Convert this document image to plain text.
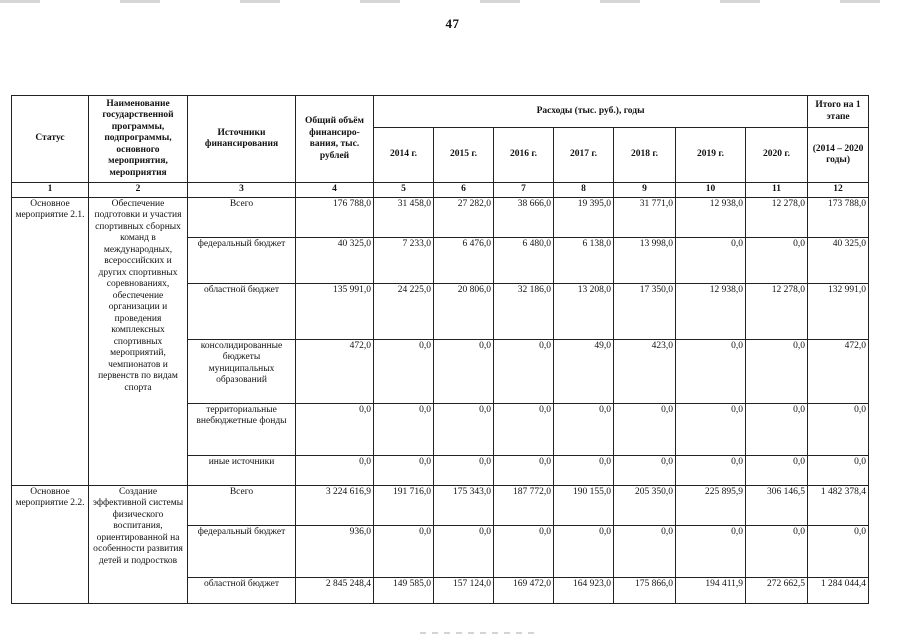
47
Статус	Наименование государственной программы, подпрограммы, основного мероприятия, мероприятия	Источники финансирования	Общий объём финансиро-вания, тыс. рублей	Расходы (тыс. руб.), годы							Итого на 1 этапе
				2014 г.	2015 г.	2016 г.	2017 г.	2018 г.	2019 г.	2020 г.	(2014 – 2020 годы)
1	2	3	4	5	6	7	8	9	10	11	12
Основное мероприятие 2.1.	Обеспечение подготовки и участия спортивных сборных команд в международных, всероссийских и других спортивных соревнованиях, обеспечение организации и проведения комплексных спортивных мероприятий, чемпионатов и первенств по видам спорта	Всего	176 788,0	31 458,0	27 282,0	38 666,0	19 395,0	31 771,0	12 938,0	12 278,0	173 788,0
		федеральный бюджет	40 325,0	7 233,0	6 476,0	6 480,0	6 138,0	13 998,0	0,0	0,0	40 325,0
		областной бюджет	135 991,0	24 225,0	20 806,0	32 186,0	13 208,0	17 350,0	12 938,0	12 278,0	132 991,0
		консолидированные бюджеты муниципальных образований	472,0	0,0	0,0	0,0	49,0	423,0	0,0	0,0	472,0
		территориальные внебюджетные фонды	0,0	0,0	0,0	0,0	0,0	0,0	0,0	0,0	0,0
		иные источники	0,0	0,0	0,0	0,0	0,0	0,0	0,0	0,0	0,0
Основное мероприятие 2.2.	Создание эффективной системы физического воспитания, ориентированной на особенности развития детей и подростков	Всего	3 224 616,9	191 716,0	175 343,0	187 772,0	190 155,0	205 350,0	225 895,9	306 146,5	1 482 378,4
		федеральный бюджет	936,0	0,0	0,0	0,0	0,0	0,0	0,0	0,0	0,0
		областной бюджет	2 845 248,4	149 585,0	157 124,0	169 472,0	164 923,0	175 866,0	194 411,9	272 662,5	1 284 044,4
